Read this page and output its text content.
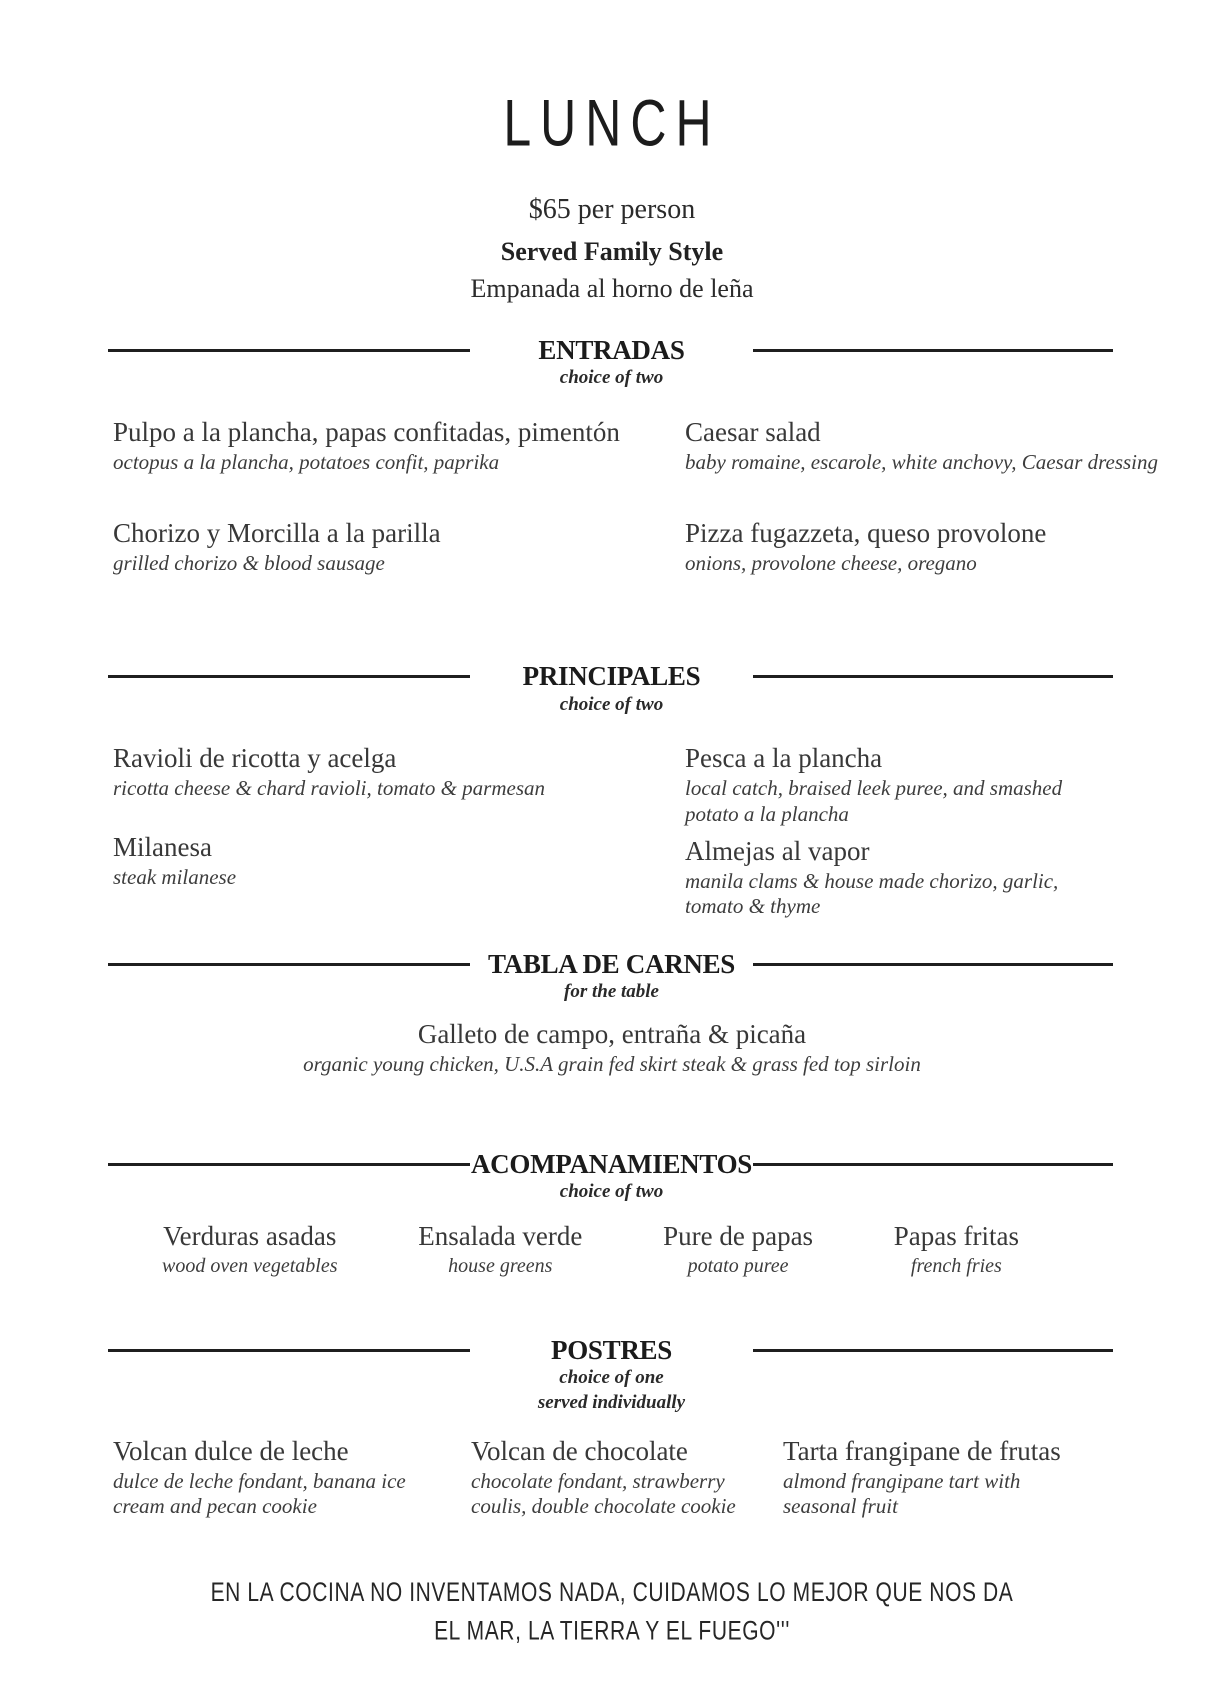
LUNCH
$65 per person
Served Family Style
Empanada al horno de leña
ENTRADAS
choice of two
Pulpo a la plancha, papas confitadas, pimentón
octopus a la plancha, potatoes confit, paprika
Chorizo y Morcilla a la parilla
grilled chorizo & blood sausage
Caesar salad
baby romaine, escarole, white anchovy, Caesar dressing
Pizza fugazzeta, queso provolone
onions, provolone cheese, oregano
PRINCIPALES
choice of two
Ravioli de ricotta y acelga
ricotta cheese & chard ravioli, tomato & parmesan
Milanesa
steak milanese
Pesca a la plancha
local catch, braised leek puree, and smashed potato a la plancha
Almejas al vapor
manila clams & house made chorizo, garlic, tomato & thyme
TABLA DE CARNES
for the table
Galleto de campo, entraña & picaña
organic young chicken, U.S.A grain fed skirt steak & grass fed top sirloin
ACOMPANAMIENTOS
choice of two
Verduras asadas
wood oven vegetables
Ensalada verde
house greens
Pure de papas
potato puree
Papas fritas
french fries
POSTRES
choice of one
served individually
Volcan dulce de leche
dulce de leche fondant, banana ice cream and pecan cookie
Volcan de chocolate
chocolate fondant, strawberry coulis, double chocolate cookie
Tarta frangipane de frutas
almond frangipane tart with seasonal fruit
EN LA COCINA NO INVENTAMOS NADA, CUIDAMOS LO MEJOR QUE NOS DA
EL MAR, LA TIERRA Y EL FUEGO'''
